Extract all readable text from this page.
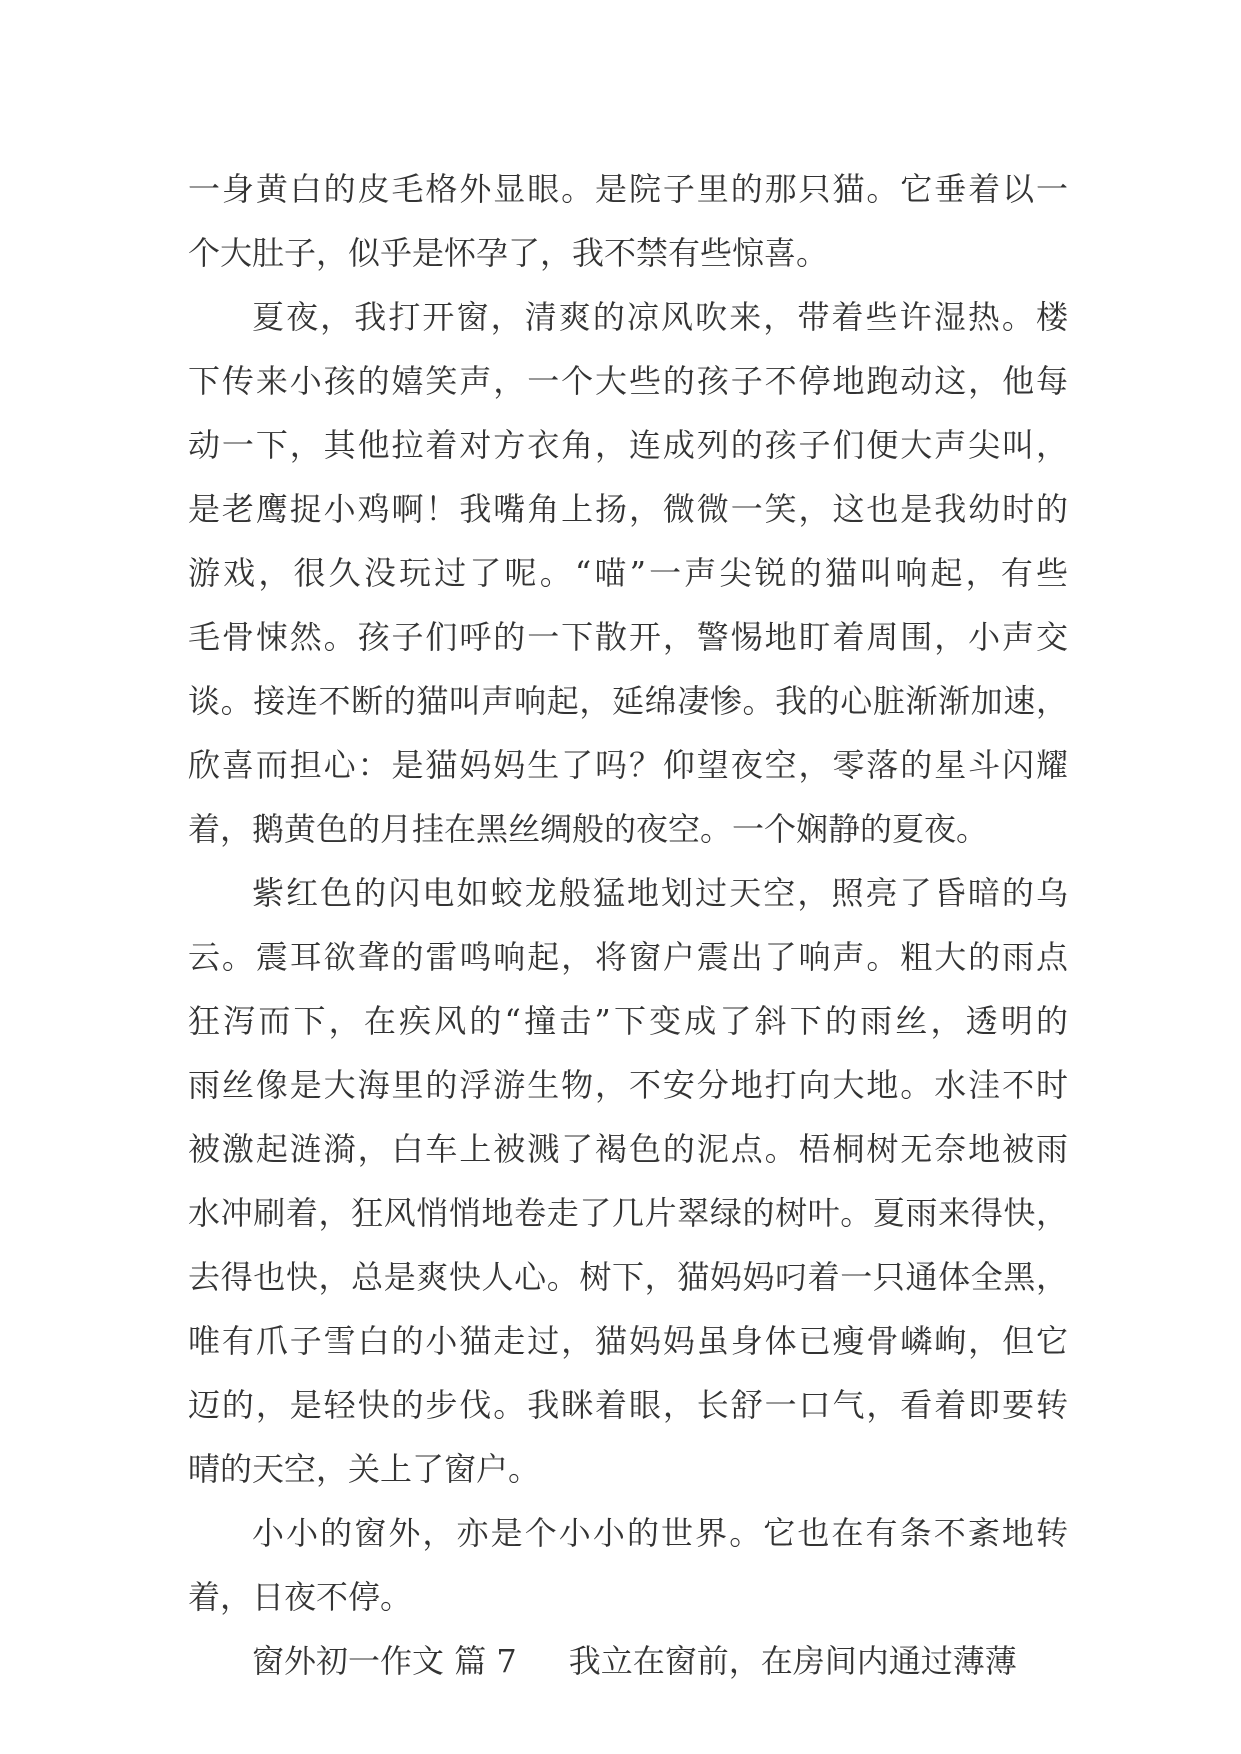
一身黄白的皮毛格外显眼。是院子里的那只猫。它垂着以一
个大肚子，似乎是怀孕了，我不禁有些惊喜。
夏夜，我打开窗，清爽的凉风吹来，带着些许湿热。楼
下传来小孩的嬉笑声，一个大些的孩子不停地跑动这，他每
动一下，其他拉着对方衣角，连成列的孩子们便大声尖叫，
是老鹰捉小鸡啊！我嘴角上扬，微微一笑，这也是我幼时的
游戏，很久没玩过了呢。“喵”一声尖锐的猫叫响起，有些
毛骨悚然。孩子们呼的一下散开，警惕地盯着周围，小声交
谈。接连不断的猫叫声响起，延绵凄惨。我的心脏渐渐加速，
欣喜而担心：是猫妈妈生了吗？仰望夜空，零落的星斗闪耀
着，鹅黄色的月挂在黑丝绸般的夜空。一个娴静的夏夜。
紫红色的闪电如蛟龙般猛地划过天空，照亮了昏暗的乌
云。震耳欲聋的雷鸣响起，将窗户震出了响声。粗大的雨点
狂泻而下，在疾风的“撞击”下变成了斜下的雨丝，透明的
雨丝像是大海里的浮游生物，不安分地打向大地。水洼不时
被激起涟漪，白车上被溅了褐色的泥点。梧桐树无奈地被雨
水冲刷着，狂风悄悄地卷走了几片翠绿的树叶。夏雨来得快，
去得也快，总是爽快人心。树下，猫妈妈叼着一只通体全黑，
唯有爪子雪白的小猫走过，猫妈妈虽身体已瘦骨嶙峋，但它
迈的，是轻快的步伐。我眯着眼，长舒一口气，看着即要转
晴的天空，关上了窗户。
小小的窗外，亦是个小小的世界。它也在有条不紊地转
着，日夜不停。
窗外初一作文 篇 7 我立在窗前，在房间内通过薄薄
